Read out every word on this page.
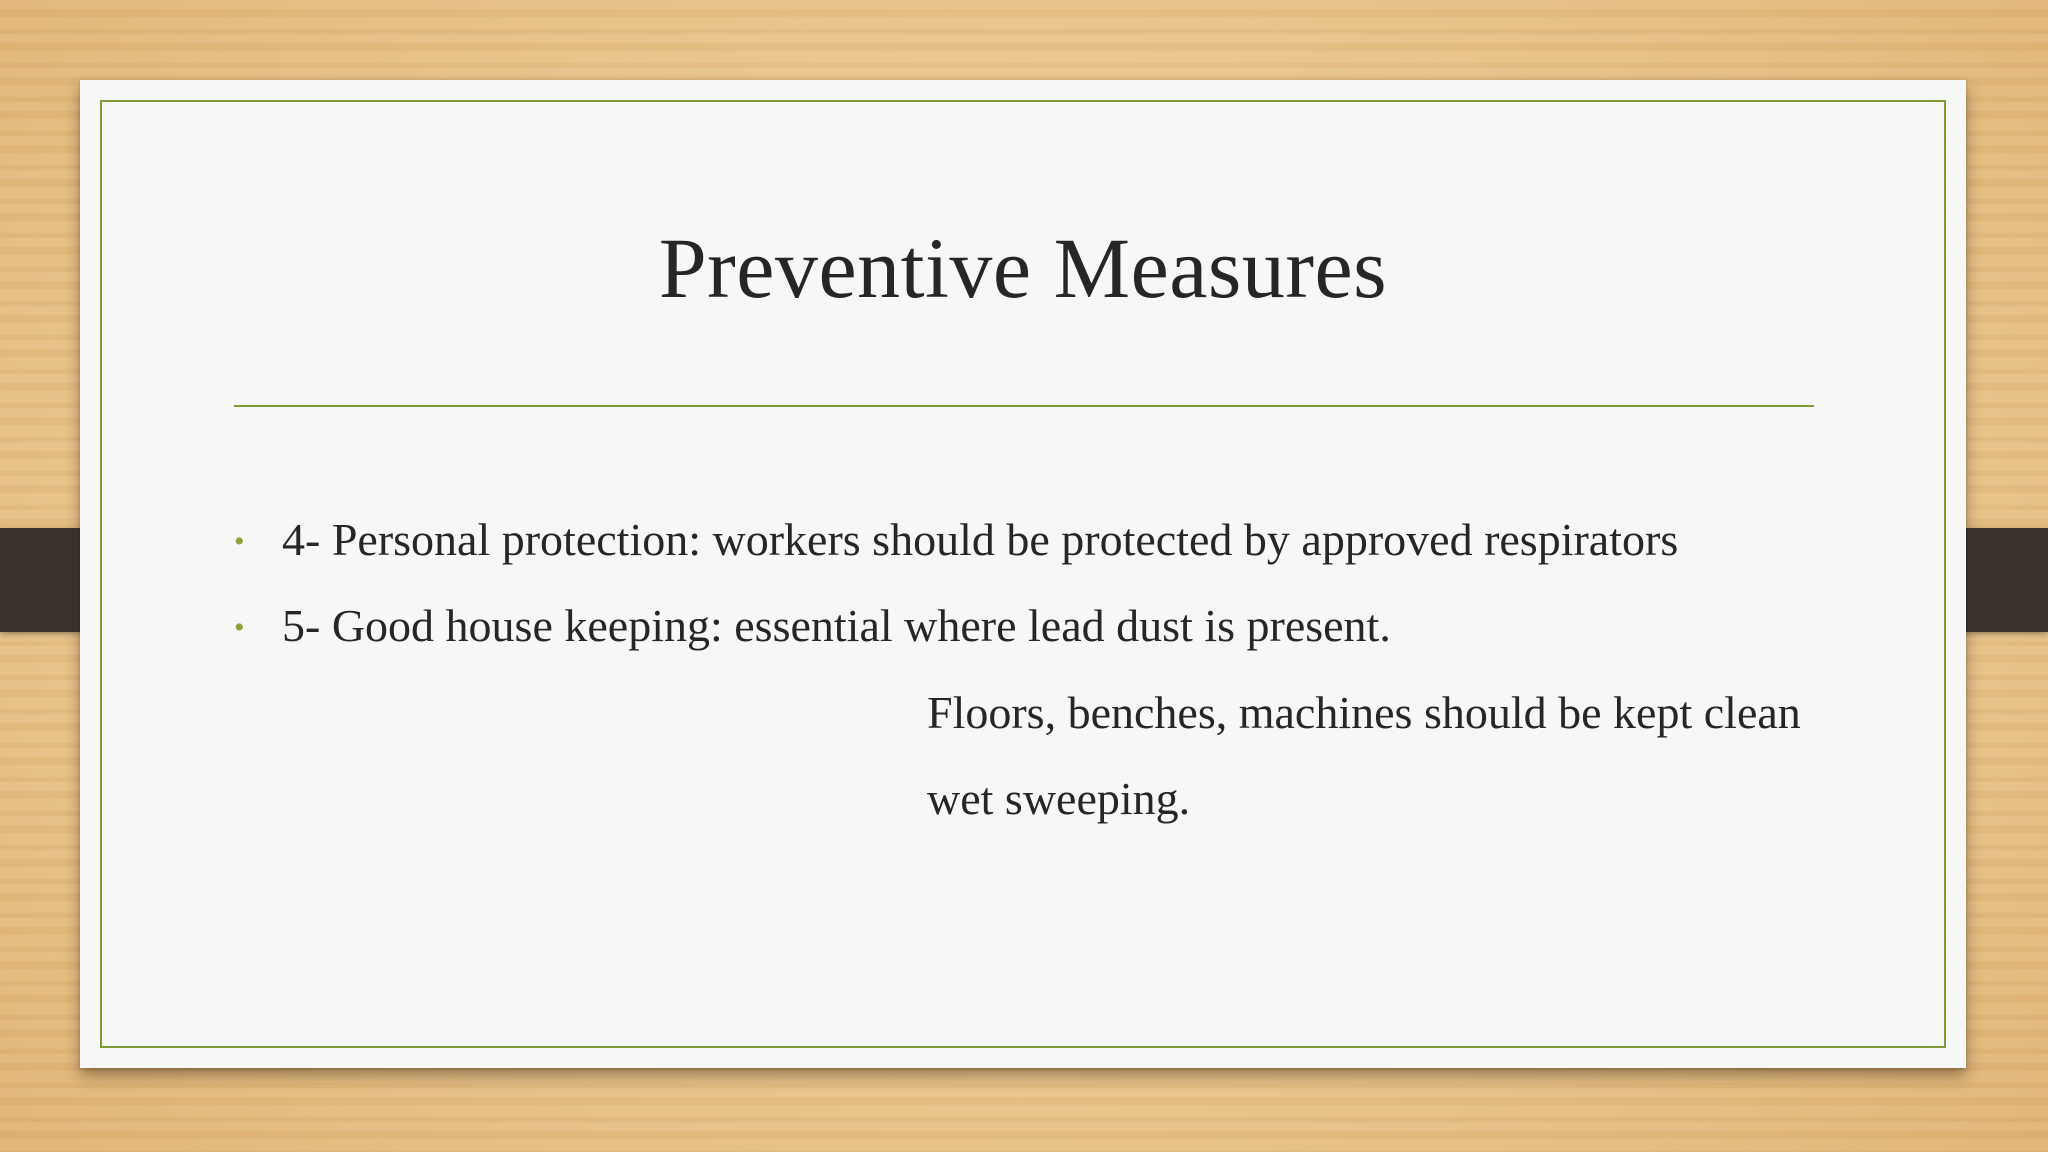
Preventive Measures
• 4- Personal protection: workers should be protected by approved respirators
• 5- Good house keeping: essential where lead dust is present.
Floors, benches, machines should be kept clean
wet sweeping.
